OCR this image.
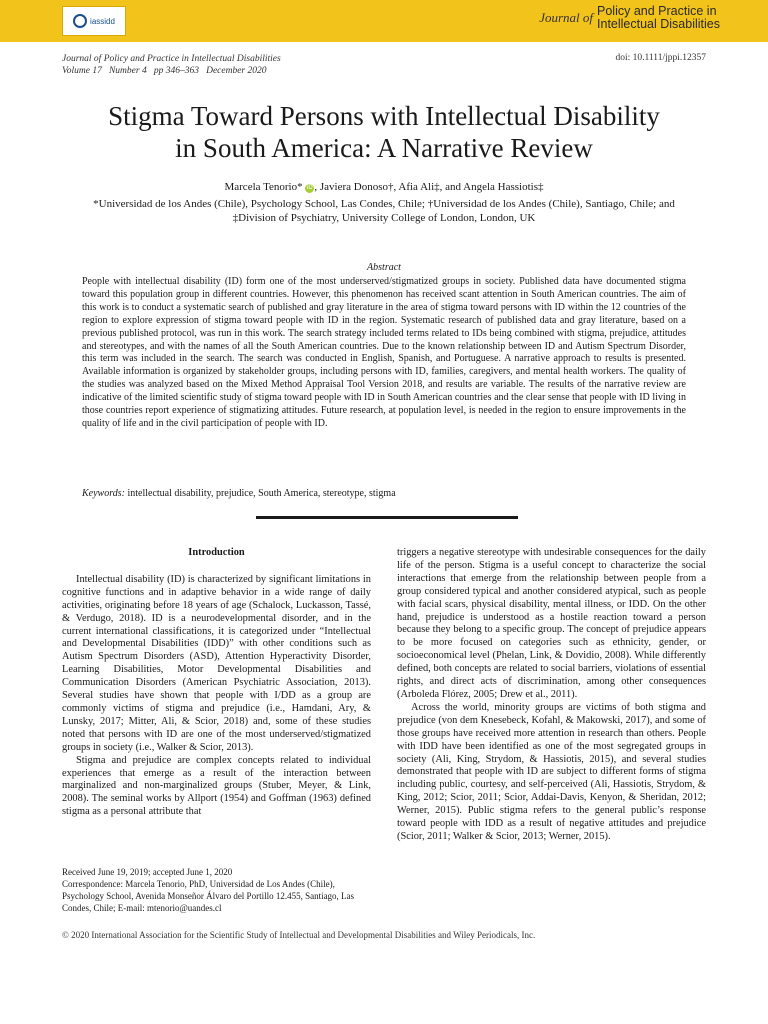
iassidd	Journal of Policy and Practice in
Intellectual Disabilities
Journal of Policy and Practice in Intellectual Disabilities
Volume 17   Number 4   pp 346–363   December 2020
doi: 10.1111/jppi.12357
Stigma Toward Persons with Intellectual Disability
in South America: A Narrative Review
Marcela Tenorio* iD , Javiera Donoso†, Afia Ali‡, and Angela Hassiotis‡
*Universidad de los Andes (Chile), Psychology School, Las Condes, Chile; †Universidad de los Andes (Chile), Santiago, Chile; and
‡Division of Psychiatry, University College of London, London, UK
Abstract
People with intellectual disability (ID) form one of the most underserved/stigmatized groups in society. Published data have documented stigma toward this population group in different countries. However, this phenomenon has received scant attention in South American countries. The aim of this work is to conduct a systematic search of published and gray literature in the area of stigma toward persons with ID within the 12 countries of the region to explore expression of stigma toward people with ID in the region. Systematic research of published data and gray literature, based on a previous published protocol, was run in this work. The search strategy included terms related to IDs being combined with stigma, prejudice, attitudes and stereotypes, and with the names of all the South American countries. Due to the known relationship between ID and Autism Spectrum Disorder, this term was included in the search. The search was conducted in English, Spanish, and Portuguese. A narrative approach to results is presented. Available information is organized by stakeholder groups, including persons with ID, families, caregivers, and mental health workers. The quality of the studies was analyzed based on the Mixed Method Appraisal Tool Version 2018, and results are variable. The results of the narrative review are indicative of the limited scientific study of stigma toward people with ID in South American countries and the clear sense that people with ID living in those countries report experience of stigmatizing attitudes. Future research, at population level, is needed in the region to ensure improvements in the quality of life and in the civil participation of people with ID.
Keywords: intellectual disability, prejudice, South America, stereotype, stigma
Introduction

Intellectual disability (ID) is characterized by significant limitations in cognitive functions and in adaptive behavior in a wide range of daily activities, originating before 18 years of age (Schalock, Luckasson, Tassé, & Verdugo, 2018). ID is a neurodevelopmental disorder, and in the current international classifications, it is categorized under “Intellectual and Developmental Disabilities (IDD)” with other conditions such as Autism Spectrum Disorders (ASD), Attention Hyperactivity Disorder, Learning Disabilities, Motor Developmental Disabilities and Communication Disorders (American Psychiatric Association, 2013). Several studies have shown that people with I/DD as a group are commonly victims of stigma and prejudice (i.e., Hamdani, Ary, & Lunsky, 2017; Mitter, Ali, & Scior, 2018) and, some of these studies noted that persons with ID are one of the most underserved/stigmatized groups in society (i.e., Walker & Scior, 2013).

Stigma and prejudice are complex concepts related to individual experiences that emerge as a result of the interaction between marginalized and non-marginalized groups (Stuber, Meyer, & Link, 2008). The seminal works by Allport (1954) and Goffman (1963) defined stigma as a personal attribute that

triggers a negative stereotype with undesirable consequences for the daily life of the person. Stigma is a useful concept to characterize the social interactions that emerge from the relationship between people from a group considered typical and another considered atypical, such as people with facial scars, physical disability, mental illness, or IDD. On the other hand, prejudice is understood as a hostile reaction toward a person because they belong to a specific group. The concept of prejudice appears to be more focused on categories such as ethnicity, gender, or socioeconomical level (Phelan, Link, & Dovidio, 2008). While differently defined, both concepts are related to social barriers, violations of essential rights, and direct acts of discrimination, among other consequences (Arboleda Flórez, 2005; Drew et al., 2011).

Across the world, minority groups are victims of both stigma and prejudice (von dem Knesebeck, Kofahl, & Makowski, 2017), and some of those groups have received more attention in research than others. People with IDD have been identified as one of the most segregated groups in society (Ali, King, Strydom, & Hassiotis, 2015), and several studies demonstrated that people with ID are subject to different forms of stigma including public, courtesy, and self-perceived (Ali, Hassiotis, Strydom, & King, 2012; Scior, 2011; Scior, Addai-Davis, Kenyon, & Sheridan, 2012; Werner, 2015). Public stigma refers to the general public’s response toward people with IDD as a result of negative attitudes and prejudice (Scior, 2011; Walker & Scior, 2013; Werner, 2015).

Received June 19, 2019; accepted June 1, 2020
Correspondence: Marcela Tenorio, PhD, Universidad de Los Andes (Chile), Psychology School, Avenida Monseñor Álvaro del Portillo 12.455, Santiago, Las Condes, Chile; E-mail: mtenorio@uandes.cl
© 2020 International Association for the Scientific Study of Intellectual and Developmental Disabilities and Wiley Periodicals, Inc.
